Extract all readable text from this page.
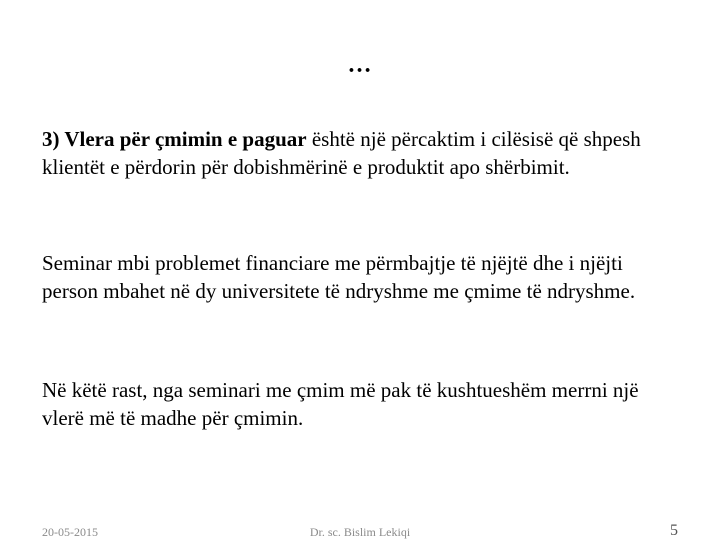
…
3) Vlera për çmimin e paguar është një përcaktim i cilësisë që shpesh klientët e përdorin për dobishmërinë e produktit apo shërbimit.
Seminar mbi problemet financiare me përmbajtje të njëjtë dhe i njëjti person mbahet në dy universitete të ndryshme me çmime të ndryshme.
Në këtë rast, nga seminari me çmim më pak të kushtueshëm merrni një vlerë më të madhe për çmimin.
20-05-2015	Dr. sc. Bislim Lekiqi	5
